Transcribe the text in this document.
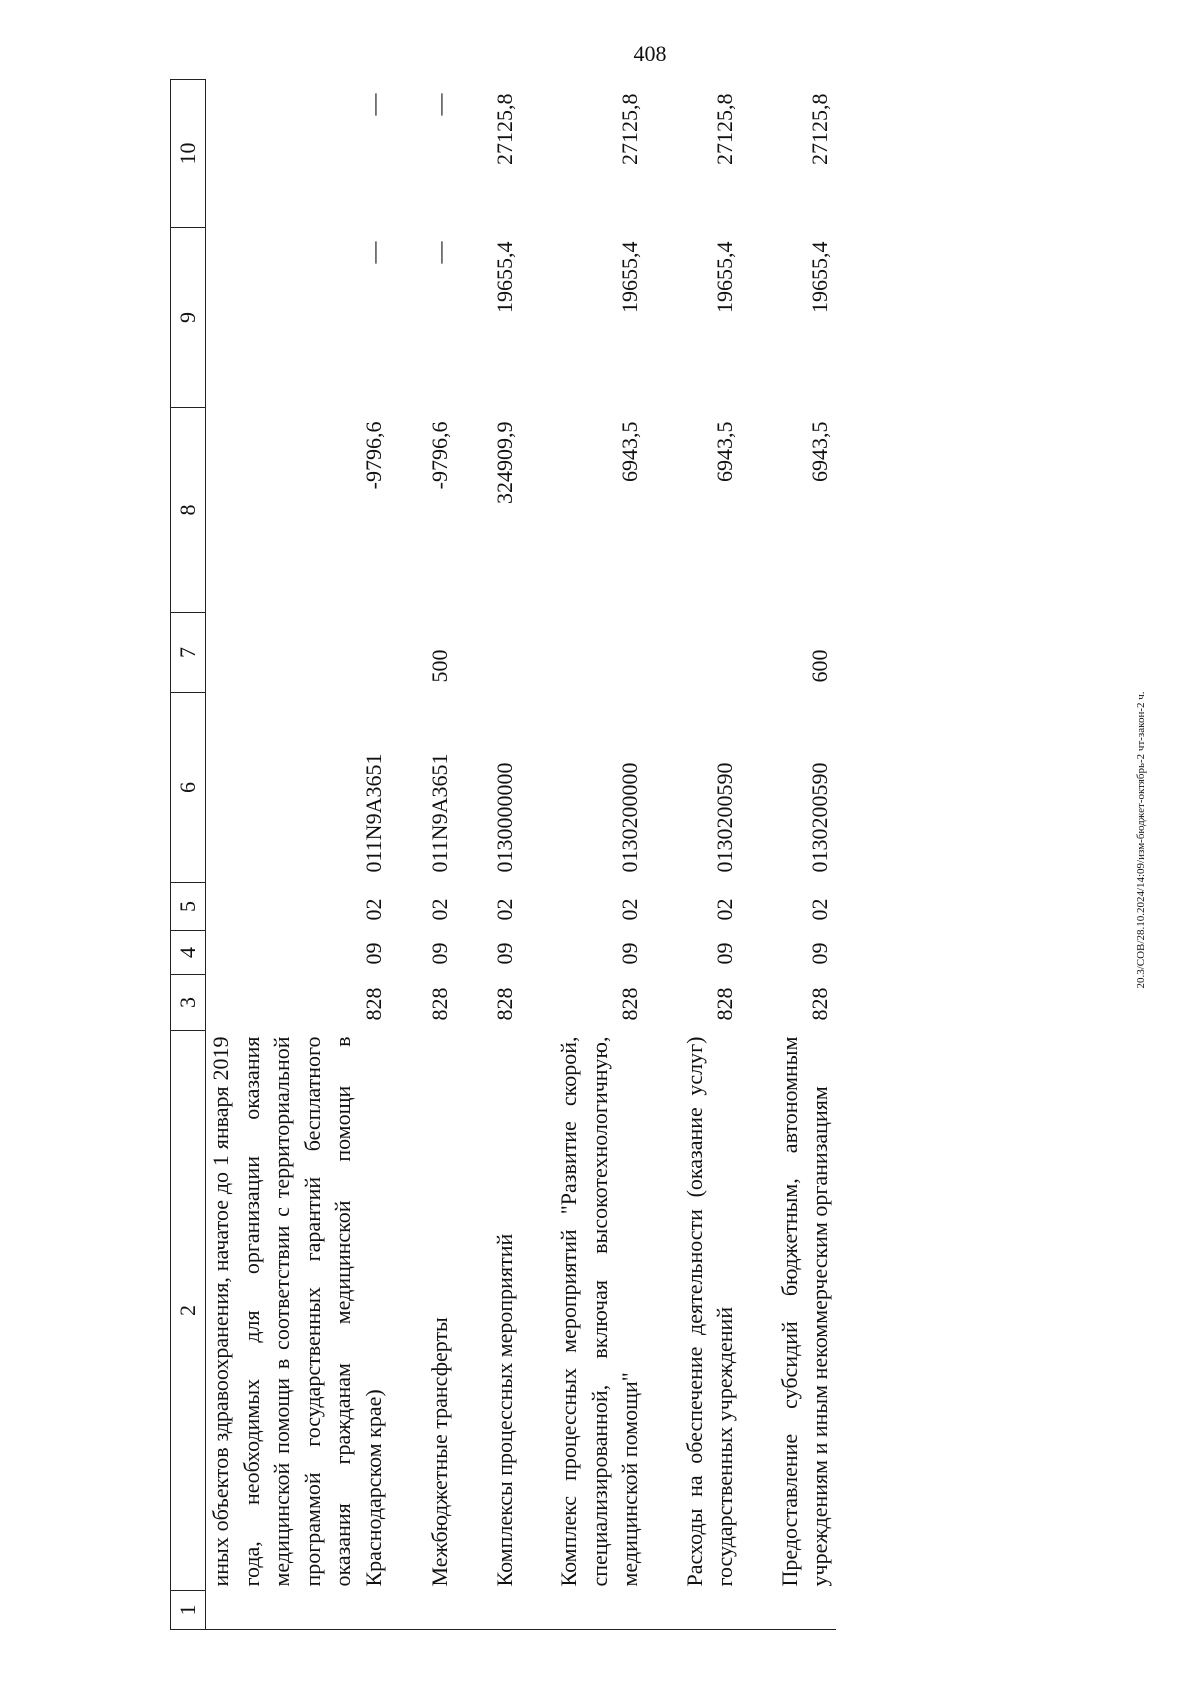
408
20.3/СОВ/28.10.2024/14:09/изм-бюджет-октябрь-2 чт-закон-2 ч.
1	2	3	4	5	6	7	8	9	10
	иных объектов здравоохранения, начатое до 1 января 2019 года, необходимых для организации оказания медицинской помощи в соответствии с территориальной программой государственных гарантий бесплатного оказания гражданам медицинской помощи в Краснодарском крае)	828	09	02	011N9A3651		-9796,6	—	—

	Межбюджетные трансферты	828	09	02	011N9A3651	500	-9796,6	—	—

	Комплексы процессных мероприятий	828	09	02	0130000000		324909,9	19655,4	27125,8

	Комплекс процессных мероприятий "Развитие скорой, специализированной, включая высокотехнологичную, медицинской помощи"	828	09	02	0130200000		6943,5	19655,4	27125,8

	Расходы на обеспечение деятельности (оказание услуг) государственных учреждений	828	09	02	0130200590		6943,5	19655,4	27125,8

	Предоставление субсидий бюджетным, автономным учреждениям и иным некоммерческим организациям	828	09	02	0130200590	600	6943,5	19655,4	27125,8
